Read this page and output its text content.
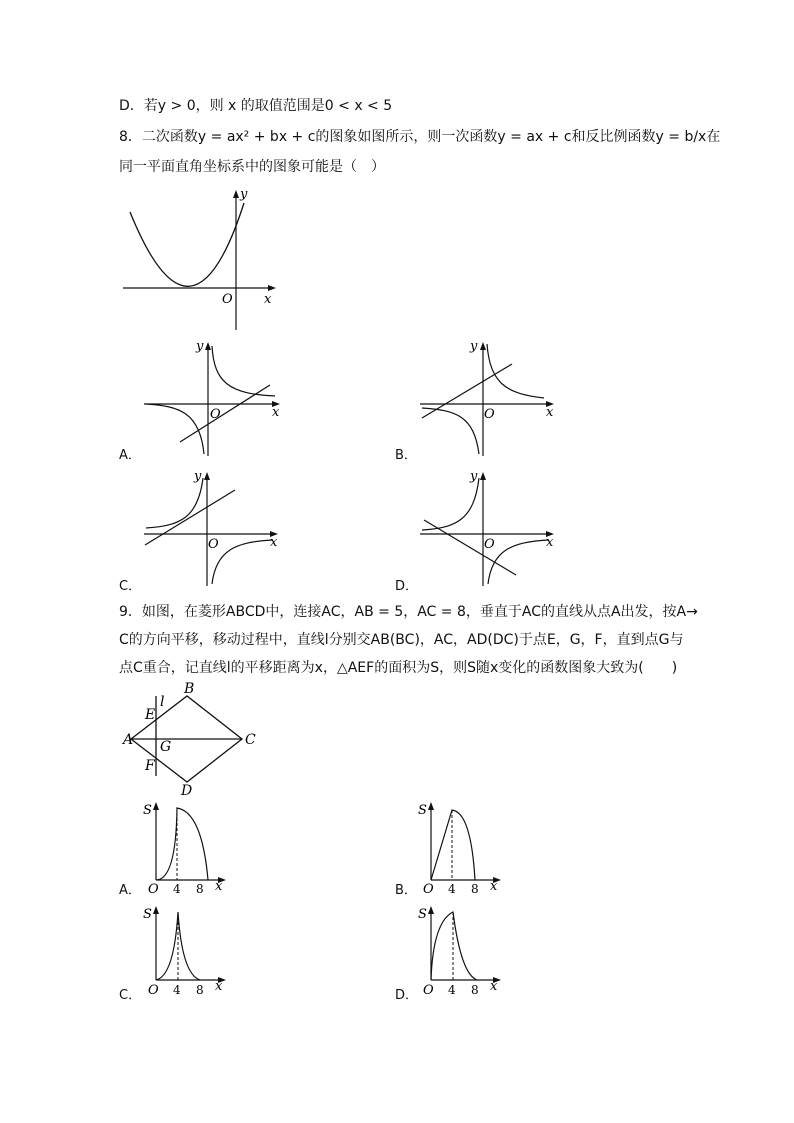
D．若y > 0，则 x 的取值范围是0 < x < 5
8．二次函数y = ax² + bx + c的图象如图所示，则一次函数y = ax + c和反比例函数y = b/x在
同一平面直角坐标系中的图象可能是（　）
y
x
O
y
x
O
A．
y
x
O
B．
y
x
O
C．
y
x
O
D．
9．如图，在菱形ABCD中，连接AC，AB = 5，AC = 8，垂直于AC的直线从点A出发，按A→
C的方向平移，移动过程中，直线l分别交AB(BC)，AC，AD(DC)于点E，G，F，直到点G与
点C重合，记直线l的平移距离为x，△AEF的面积为S，则S随x变化的函数图象大致为(　　)
A
B
C
D
E
F
G
l
S
O 4 8 x
A．
S
O 4 8 x
B．
S
O 4 8 x
C．
S
O 4 8 x
D．
